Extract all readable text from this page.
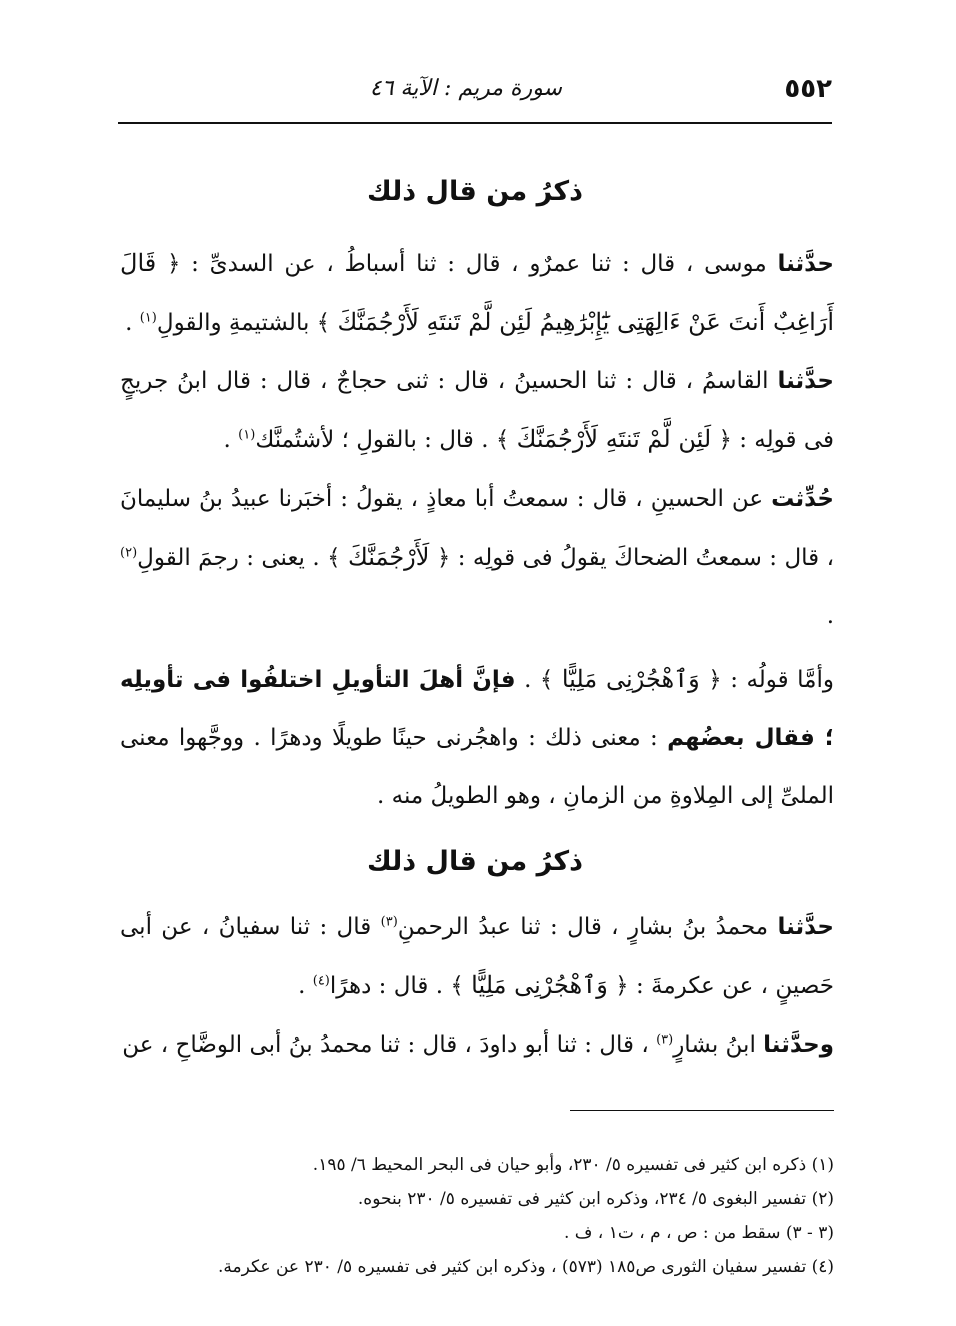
٥٥٢
سورة مريم : الآية ٤٦
ذكرُ من قال ذلك
حدَّثنا موسى ، قال : ثنا عمرٌو ، قال : ثنا أسباطُ ، عن السدىِّ : ﴿ قَالَ أَرَاغِبٌ أَنتَ عَنْ ءَالِهَتِى يَٰٓإِبْرَٰهِيمُ لَئِن لَّمْ تَنتَهِ لَأَرْجُمَنَّكَ ﴾ بالشتيمةِ والقولِ$^{(١)}$ .
حدَّثنا القاسمُ ، قال : ثنا الحسينُ ، قال : ثنى حجاجٌ ، قال : قال ابنُ جريجٍ فى قولِه : ﴿ لَئِن لَّمْ تَنتَهِ لَأَرْجُمَنَّكَ ﴾ . قال : بالقولِ ؛ لأشتُمنَّك$^{(١)}$ .
حُدِّثت عن الحسينِ ، قال : سمعتُ أبا معاذٍ ، يقولُ : أخبَرنا عبيدُ بنُ سليمانَ ، قال : سمعتُ الضحاكَ يقولُ فى قولِه : ﴿ لَأَرْجُمَنَّكَ ﴾ . يعنى : رجمَ القولِ$^{(٢)}$ .
وأمَّا قولُه : ﴿ وَٱهْجُرْنِى مَلِيًّا ﴾ . فإنَّ أهلَ التأويلِ اختلفُوا فى تأويلِه ؛ فقال بعضُهم : معنى ذلك : واهجُرنى حينًا طويلًا ودهرًا . ووجَّهوا معنى الملىِّ إلى المِلاوةِ من الزمانِ ، وهو الطويلُ منه .
ذكرُ من قال ذلك
حدَّثنا محمدُ بنُ بشارٍ ، قال : ثنا عبدُ الرحمنِ$^{(٣)}$ قال : ثنا سفيانُ ، عن أبى حَصينٍ ، عن عكرمةَ : ﴿ وَٱهْجُرْنِى مَلِيًّا ﴾ . قال : دهرًا$^{(٤)}$ .
وحدَّثنا ابنُ بشارٍ$^{(٣)}$ ، قال : ثنا أبو داودَ ، قال : ثنا محمدُ بنُ أبى الوضَّاحِ ، عن
(١) ذكره ابن كثير فى تفسيره ٥/ ٢٣٠، وأبو حيان فى البحر المحيط ٦/ ١٩٥.
(٢) تفسير البغوى ٥/ ٢٣٤، وذكره ابن كثير فى تفسيره ٥/ ٢٣٠ بنحوه.
(٣ - ٣) سقط من : ص ، م ، ت١ ، ف .
(٤) تفسير سفيان الثورى ص١٨٥ (٥٧٣) ، وذكره ابن كثير فى تفسيره ٥/ ٢٣٠ عن عكرمة.
